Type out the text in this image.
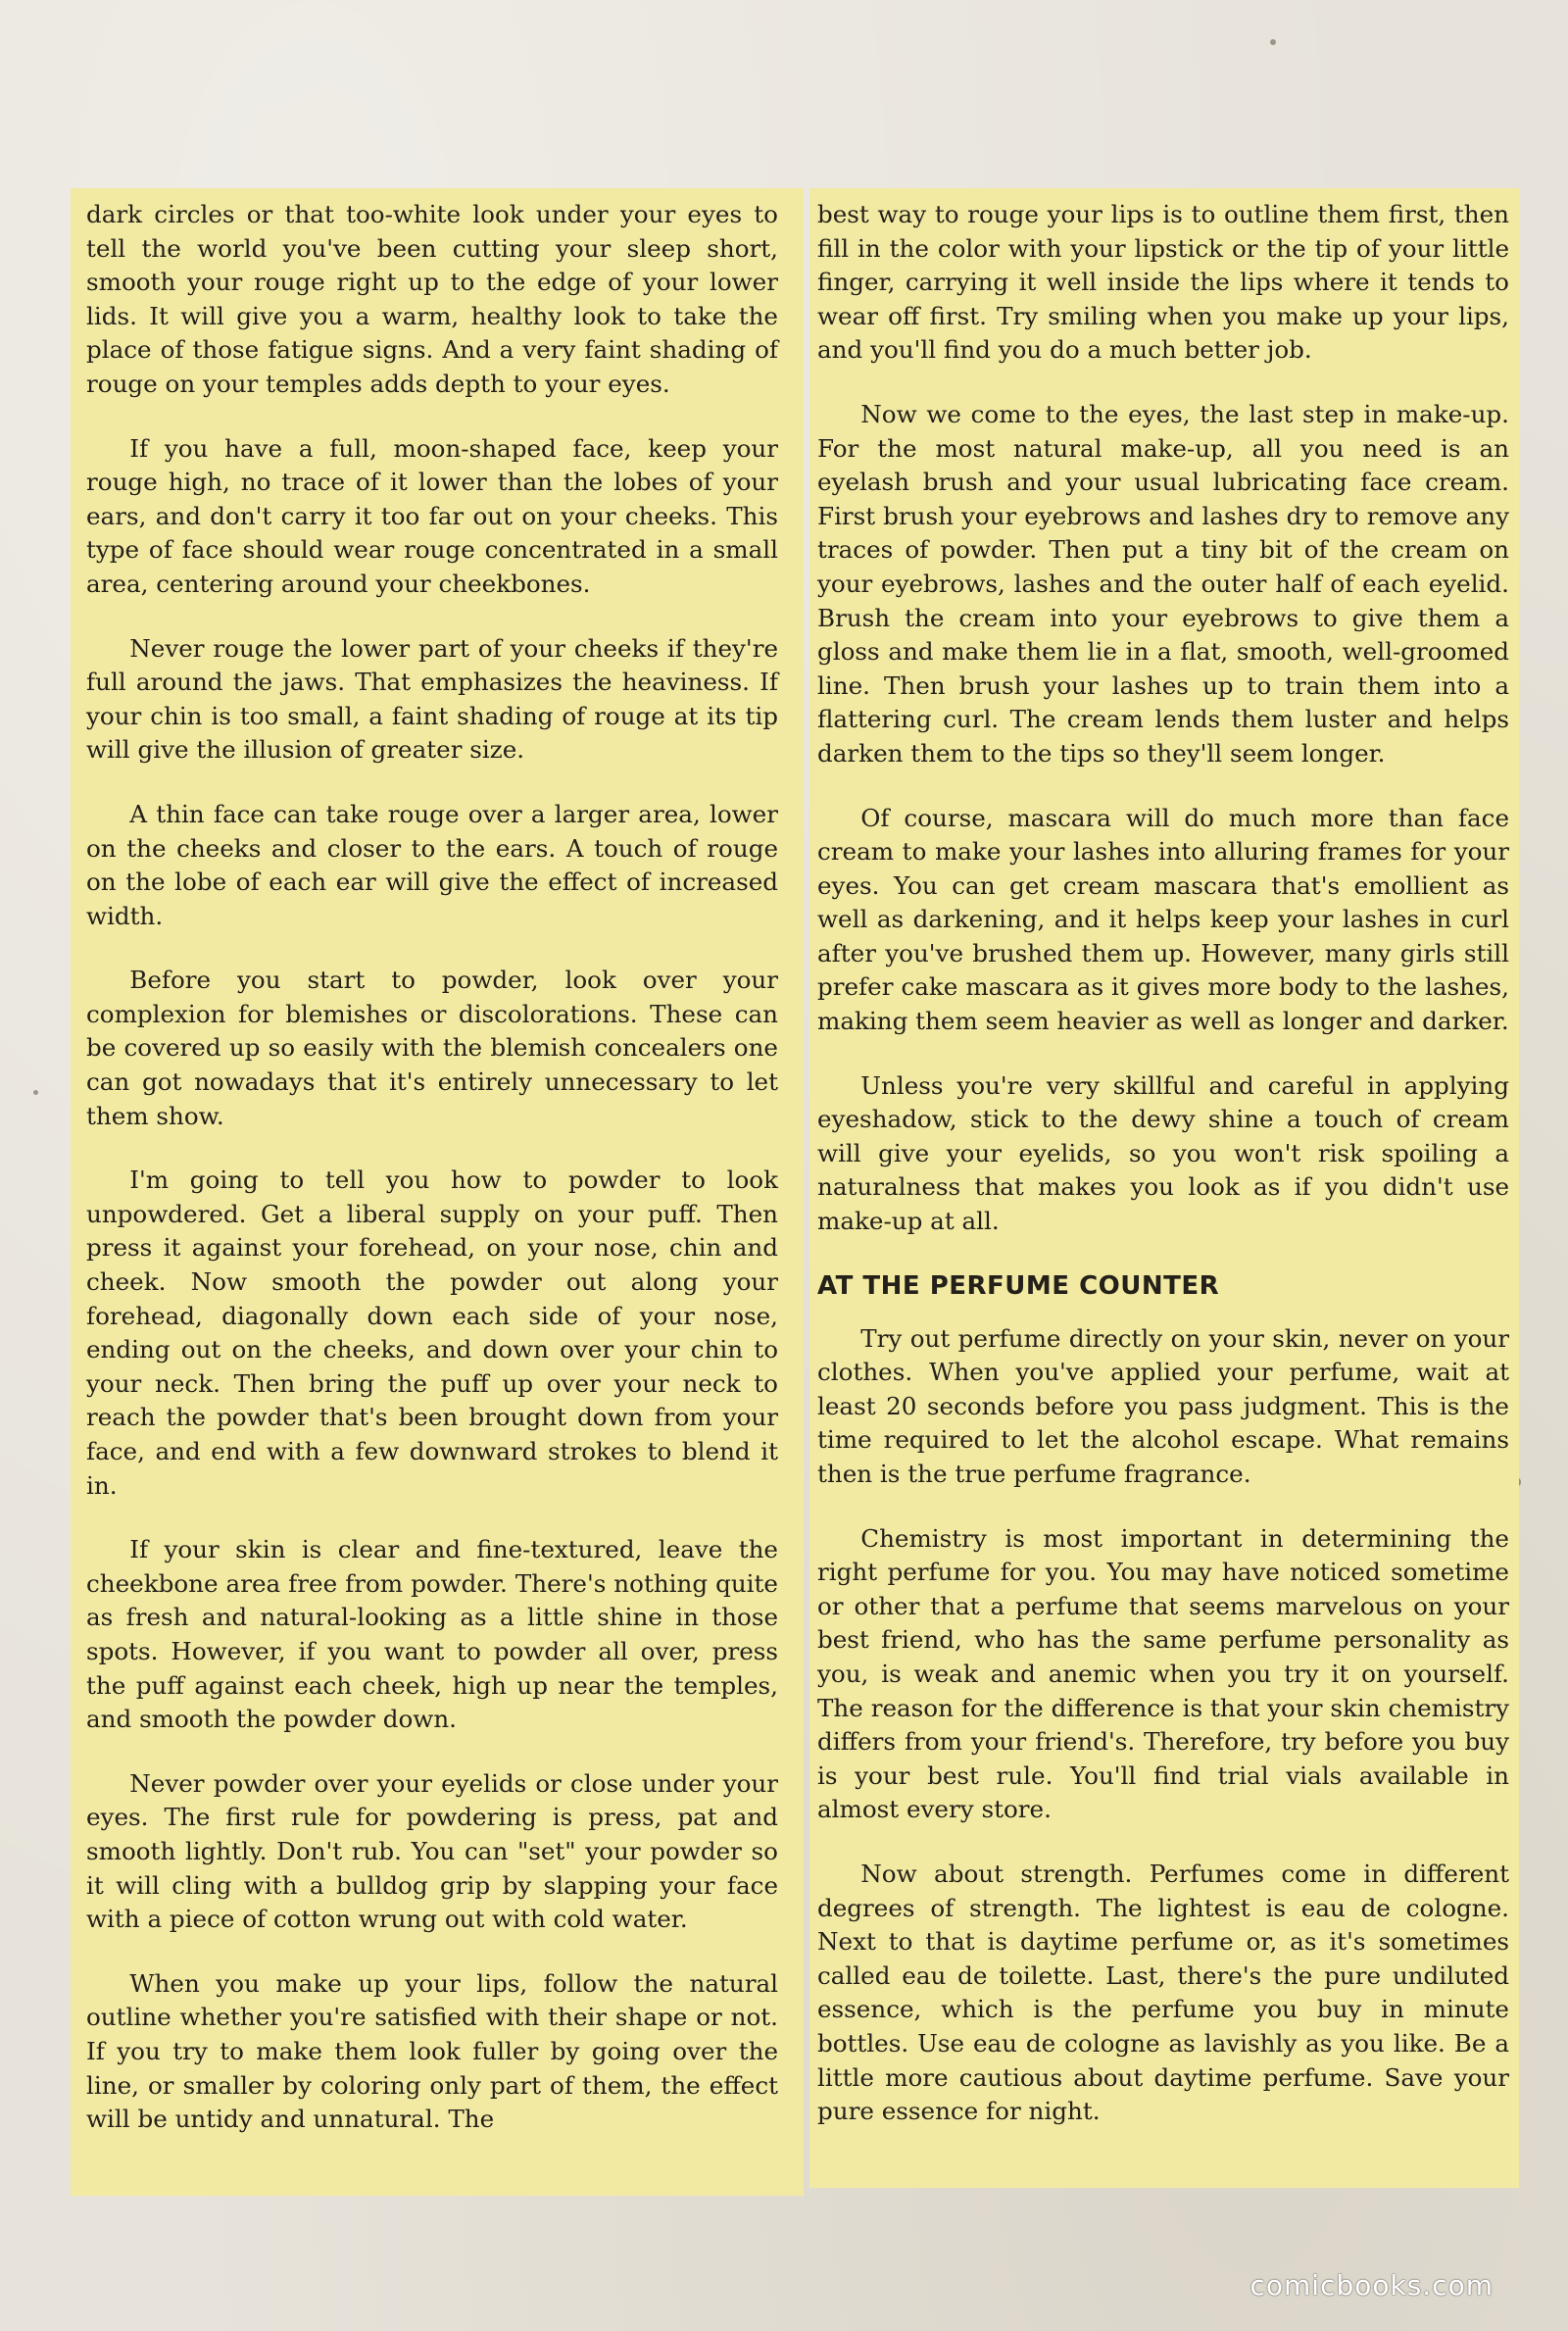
dark circles or that too-white look under your eyes to tell the world you've been cutting your sleep short, smooth your rouge right up to the edge of your lower lids. It will give you a warm, healthy look to take the place of those fatigue signs. And a very faint shading of rouge on your temples adds depth to your eyes.

If you have a full, moon-shaped face, keep your rouge high, no trace of it lower than the lobes of your ears, and don't carry it too far out on your cheeks. This type of face should wear rouge concentrated in a small area, centering around your cheekbones.

Never rouge the lower part of your cheeks if they're full around the jaws. That emphasizes the heaviness. If your chin is too small, a faint shading of rouge at its tip will give the illusion of greater size.

A thin face can take rouge over a larger area, lower on the cheeks and closer to the ears. A touch of rouge on the lobe of each ear will give the effect of increased width.

Before you start to powder, look over your complexion for blemishes or discolorations. These can be covered up so easily with the blemish concealers one can got nowadays that it's entirely unnecessary to let them show.

I'm going to tell you how to powder to look unpowdered. Get a liberal supply on your puff. Then press it against your forehead, on your nose, chin and cheek. Now smooth the powder out along your forehead, diagonally down each side of your nose, ending out on the cheeks, and down over your chin to your neck. Then bring the puff up over your neck to reach the powder that's been brought down from your face, and end with a few downward strokes to blend it in.

If your skin is clear and fine-textured, leave the cheekbone area free from powder. There's nothing quite as fresh and natural-looking as a little shine in those spots. However, if you want to powder all over, press the puff against each cheek, high up near the temples, and smooth the powder down.

Never powder over your eyelids or close under your eyes. The first rule for powdering is press, pat and smooth lightly. Don't rub. You can "set" your powder so it will cling with a bulldog grip by slapping your face with a piece of cotton wrung out with cold water.

When you make up your lips, follow the natural outline whether you're satisfied with their shape or not. If you try to make them look fuller by going over the line, or smaller by coloring only part of them, the effect will be untidy and unnatural. The

best way to rouge your lips is to outline them first, then fill in the color with your lipstick or the tip of your little finger, carrying it well inside the lips where it tends to wear off first. Try smiling when you make up your lips, and you'll find you do a much better job.

Now we come to the eyes, the last step in make-up. For the most natural make-up, all you need is an eyelash brush and your usual lubricating face cream. First brush your eyebrows and lashes dry to remove any traces of powder. Then put a tiny bit of the cream on your eyebrows, lashes and the outer half of each eyelid. Brush the cream into your eyebrows to give them a gloss and make them lie in a flat, smooth, well-groomed line. Then brush your lashes up to train them into a flattering curl. The cream lends them luster and helps darken them to the tips so they'll seem longer.

Of course, mascara will do much more than face cream to make your lashes into alluring frames for your eyes. You can get cream mascara that's emollient as well as darkening, and it helps keep your lashes in curl after you've brushed them up. However, many girls still prefer cake mascara as it gives more body to the lashes, making them seem heavier as well as longer and darker.

Unless you're very skillful and careful in applying eyeshadow, stick to the dewy shine a touch of cream will give your eyelids, so you won't risk spoiling a naturalness that makes you look as if you didn't use make-up at all.

AT THE PERFUME COUNTER

Try out perfume directly on your skin, never on your clothes. When you've applied your perfume, wait at least 20 seconds before you pass judgment. This is the time required to let the alcohol escape. What remains then is the true perfume fragrance.

Chemistry is most important in determining the right perfume for you. You may have noticed sometime or other that a perfume that seems marvelous on your best friend, who has the same perfume personality as you, is weak and anemic when you try it on yourself. The reason for the difference is that your skin chemistry differs from your friend's. Therefore, try before you buy is your best rule. You'll find trial vials available in almost every store.

Now about strength. Perfumes come in different degrees of strength. The lightest is eau de cologne. Next to that is daytime perfume or, as it's sometimes called eau de toilette. Last, there's the pure undiluted essence, which is the perfume you buy in minute bottles. Use eau de cologne as lavishly as you like. Be a little more cautious about daytime perfume. Save your pure essence for night.

comicbooks.com
